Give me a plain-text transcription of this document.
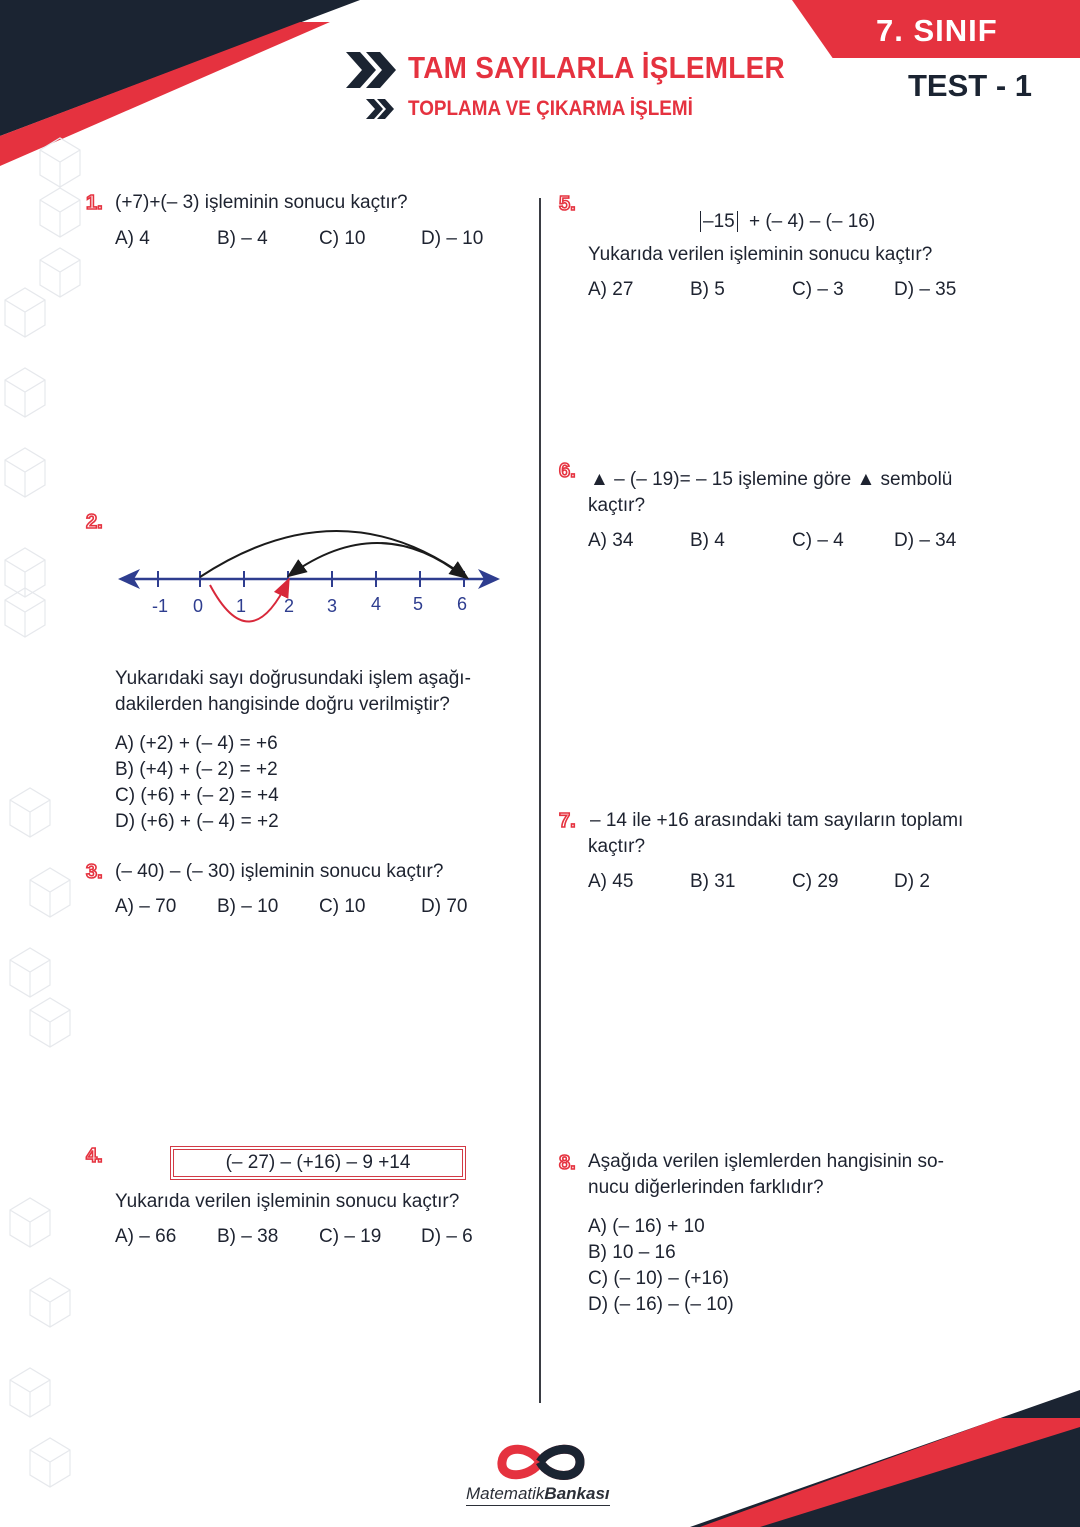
TAM SAYILARLA İŞLEMLER
TOPLAMA VE ÇIKARMA İŞLEMİ
7. SINIF
TEST - 1
1. (+7)+(– 3) işleminin sonucu kaçtır?
A) 4	B) – 4	C) 10	D) – 10
2.
-1 0 1 2 3 4 5 6
Yukarıdaki sayı doğrusundaki işlem aşağı-
dakilerden hangisinde doğru verilmiştir?
A) (+2) + (– 4) = +6
B) (+4) + (– 2) = +2
C) (+6) + (– 2) = +4
D) (+6) + (– 4) = +2
3. (– 40) – (– 30) işleminin sonucu kaçtır?
A) – 70 B) – 10 C) 10	D) 70
4.	(– 27) – (+16) – 9 +14
Yukarıda verilen işleminin sonucu kaçtır?
A) – 66 B) – 38 C) – 19 D) – 6
5.
–15 + (– 4) – (– 16)
Yukarıda verilen işleminin sonucu kaçtır?
A) 27	B) 5	C) – 3	D) – 35
6. ▲ – (– 19)= – 15 işlemine göre ▲ sembolü
kaçtır?
A) 34	B) 4	C) – 4	D) – 34
7. – 14 ile +16 arasındaki tam sayıların toplamı
kaçtır?
A) 45	B) 31	C) 29	D) 2
8. Aşağıda verilen işlemlerden hangisinin so-
nucu diğerlerinden farklıdır?
A) (– 16) + 10
B) 10 – 16
C) (– 10) – (+16)
D) (– 16) – (– 10)
MatematikBankası
